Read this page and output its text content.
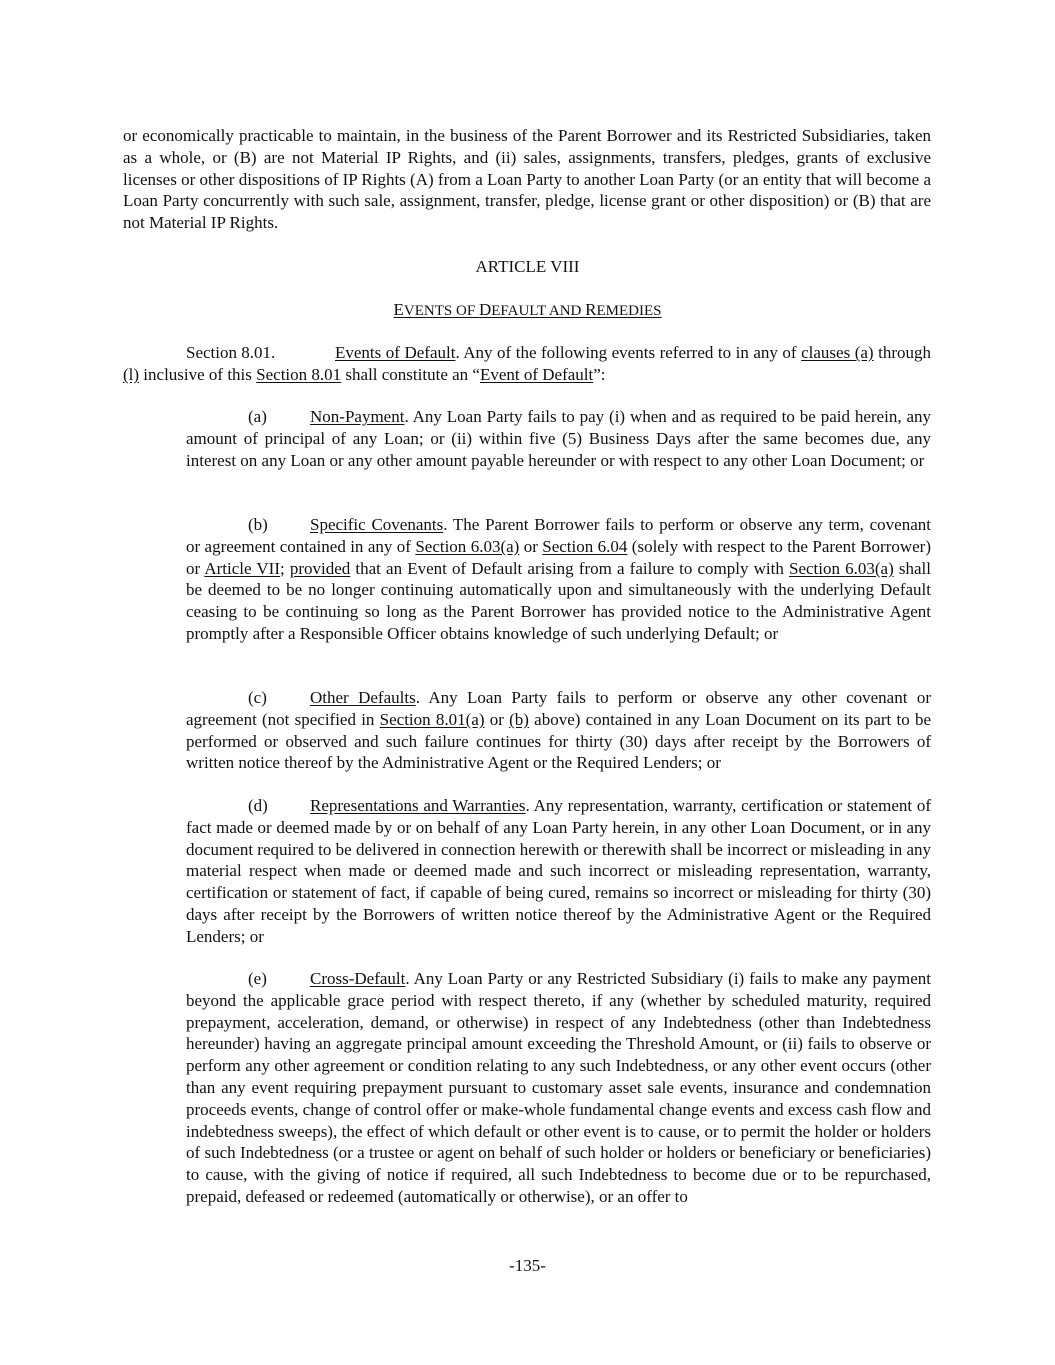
or economically practicable to maintain, in the business of the Parent Borrower and its Restricted Subsidiaries, taken as a whole, or (B) are not Material IP Rights, and (ii) sales, assignments, transfers, pledges, grants of exclusive licenses or other dispositions of IP Rights (A) from a Loan Party to another Loan Party (or an entity that will become a Loan Party concurrently with such sale, assignment, transfer, pledge, license grant or other disposition) or (B) that are not Material IP Rights.

ARTICLE VIII
EVENTS OF DEFAULT AND REMEDIES

Section 8.01.	Events of Default. Any of the following events referred to in any of clauses (a) through (l) inclusive of this Section 8.01 shall constitute an “Event of Default”:

(a)	Non-Payment. Any Loan Party fails to pay (i) when and as required to be paid herein, any amount of principal of any Loan; or (ii) within five (5) Business Days after the same becomes due, any interest on any Loan or any other amount payable hereunder or with respect to any other Loan Document; or

(b) Specific Covenants. The Parent Borrower fails to perform or observe any term, covenant or agreement contained in any of Section 6.03(a) or Section 6.04 (solely with respect to the Parent Borrower) or Article VII; provided that an Event of Default arising from a failure to comply with Section 6.03(a) shall be deemed to be no longer continuing automatically upon and simultaneously with the underlying Default ceasing to be continuing so long as the Parent Borrower has provided notice to the Administrative Agent promptly after a Responsible Officer obtains knowledge of such underlying Default; or

(c)	Other Defaults. Any Loan Party fails to perform or observe any other covenant or agreement (not specified in Section 8.01(a) or (b) above) contained in any Loan Document on its part to be performed or observed and such failure continues for thirty (30) days after receipt by the Borrowers of written notice thereof by the Administrative Agent or the Required Lenders; or

(d) Representations and Warranties. Any representation, warranty, certification or statement of fact made or deemed made by or on behalf of any Loan Party herein, in any other Loan Document, or in any document required to be delivered in connection herewith or therewith shall be incorrect or misleading in any material respect when made or deemed made and such incorrect or misleading representation, warranty, certification or statement of fact, if capable of being cured, remains so incorrect or misleading for thirty (30) days after receipt by the Borrowers of written notice thereof by the Administrative Agent or the Required Lenders; or

(e)	Cross-Default. Any Loan Party or any Restricted Subsidiary (i) fails to make any payment beyond the applicable grace period with respect thereto, if any (whether by scheduled maturity, required prepayment, acceleration, demand, or otherwise) in respect of any Indebtedness (other than Indebtedness hereunder) having an aggregate principal amount exceeding the Threshold Amount, or (ii) fails to observe or perform any other agreement or condition relating to any such Indebtedness, or any other event occurs (other than any event requiring prepayment pursuant to customary asset sale events, insurance and condemnation proceeds events, change of control offer or make-whole fundamental change events and excess cash flow and indebtedness sweeps), the effect of which default or other event is to cause, or to permit the holder or holders of such Indebtedness (or a trustee or agent on behalf of such holder or holders or beneficiary or beneficiaries) to cause, with the giving of notice if required, all such Indebtedness to become due or to be repurchased, prepaid, defeased or redeemed (automatically or otherwise), or an offer to

-135-
